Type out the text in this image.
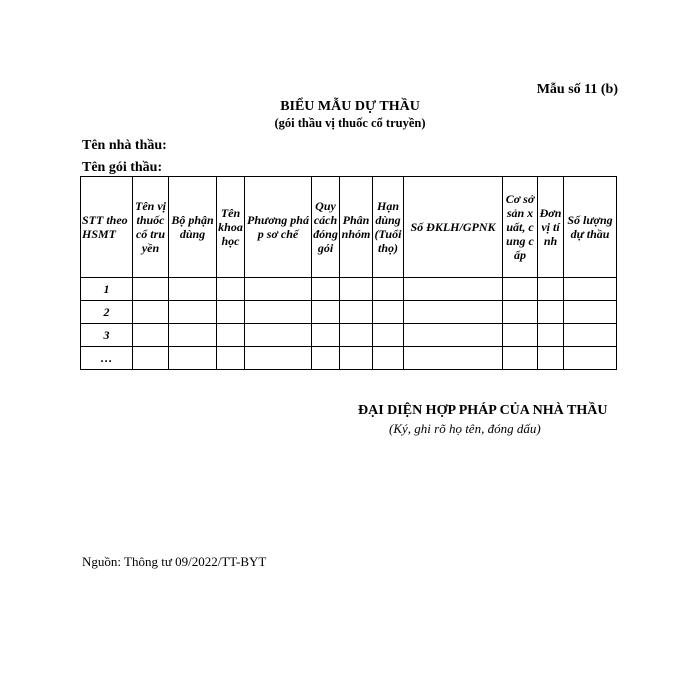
Mẫu số 11 (b)
BIỂU MẪU DỰ THẦU
(gói thầu vị thuốc cổ truyền)
Tên nhà thầu:
Tên gói thầu:
STT theo HSMT	Tên vị thuốc cổ truyền	Bộ phận dùng	Tên khoa học	Phương pháp sơ chế	Quy cách đóng gói	Phân nhóm	Hạn dùng (Tuổi thọ)	Số ĐKLH/GPNK	Cơ sở sản xuất, cung cấp	Đơn vị tính	Số lượng dự thầu
1											
2											
3											
…											
ĐẠI DIỆN HỢP PHÁP CỦA NHÀ THẦU
(Ký, ghi rõ họ tên, đóng dấu)
Nguồn: Thông tư 09/2022/TT-BYT
